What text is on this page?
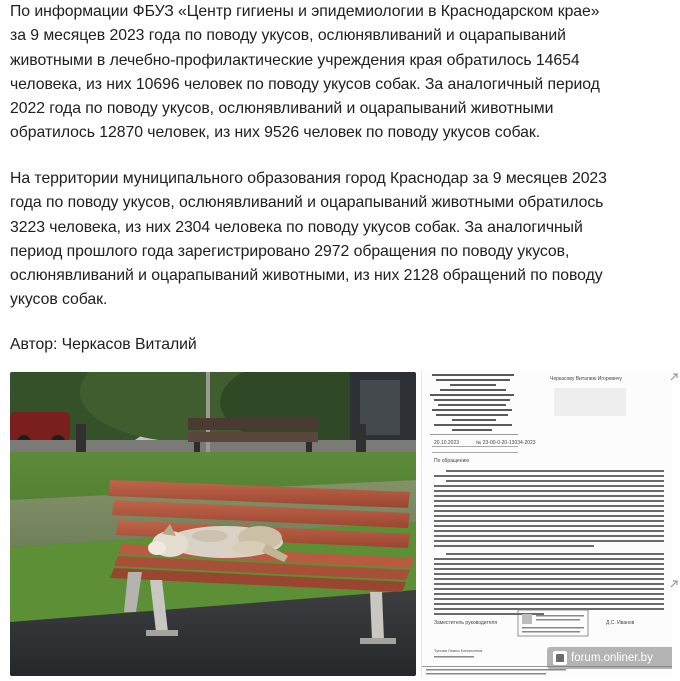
По информации ФБУЗ «Центр гигиены и эпидемиологии в Краснодарском крае»
за 9 месяцев 2023 года по поводу укусов, ослюнявливаний и оцарапываний
животными в лечебно-профилактические учреждения края обратилось 14654
человека, из них 10696 человек по поводу укусов собак. За аналогичный период
2022 года по поводу укусов, ослюнявливаний и оцарапываний животными
обратилось 12870 человек, из них 9526 человек по поводу укусов собак.

На территории муниципального образования город Краснодар за 9 месяцев 2023
года по поводу укусов, ослюнявливаний и оцарапываний животными обратилось
3223 человека, из них 2304 человека по поводу укусов собак. За аналогичный
период прошлого года зарегистрировано 2972 обращения по поводу укусов,
ослюнявливаний и оцарапываний животными, из них 2128 обращений по поводу
укусов собак.

Автор: Черкасов Виталий

20.10.2023	№ 23-00-0-20-13034-2023
По обращению
Черкасову Виталию Игоревичу
Заместитель руководителя	Д.С. Иванов
Тупова Лиана Евгеньевна
forum.onliner.by
